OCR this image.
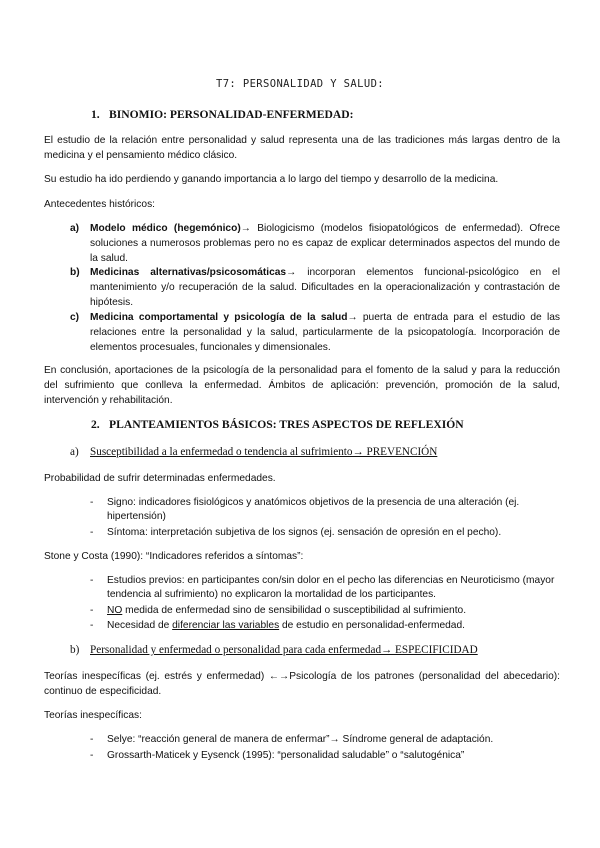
T7: PERSONALIDAD Y SALUD:
1. BINOMIO: PERSONALIDAD-ENFERMEDAD:
El estudio de la relación entre personalidad y salud representa una de las tradiciones más largas dentro de la medicina y el pensamiento médico clásico.
Su estudio ha ido perdiendo y ganando importancia a lo largo del tiempo y desarrollo de la medicina.
Antecedentes históricos:
a) Modelo médico (hegemónico)→ Biologicismo (modelos fisiopatológicos de enfermedad). Ofrece soluciones a numerosos problemas pero no es capaz de explicar determinados aspectos del mundo de la salud.
b) Medicinas alternativas/psicosomáticas→ incorporan elementos funcional-psicológico en el mantenimiento y/o recuperación de la salud. Dificultades en la operacionalización y contrastación de hipótesis.
c) Medicina comportamental y psicología de la salud→ puerta de entrada para el estudio de las relaciones entre la personalidad y la salud, particularmente de la psicopatología. Incorporación de elementos procesuales, funcionales y dimensionales.
En conclusión, aportaciones de la psicología de la personalidad para el fomento de la salud y para la reducción del sufrimiento que conlleva la enfermedad. Ámbitos de aplicación: prevención, promoción de la salud, intervención y rehabilitación.
2. PLANTEAMIENTOS BÁSICOS: TRES ASPECTOS DE REFLEXIÓN
a) Susceptibilidad a la enfermedad o tendencia al sufrimiento→ PREVENCIÓN
Probabilidad de sufrir determinadas enfermedades.
- Signo: indicadores fisiológicos y anatómicos objetivos de la presencia de una alteración (ej. hipertensión)
- Síntoma: interpretación subjetiva de los signos (ej. sensación de opresión en el pecho).
Stone y Costa (1990): “Indicadores referidos a síntomas”:
- Estudios previos: en participantes con/sin dolor en el pecho las diferencias en Neuroticismo (mayor tendencia al sufrimiento) no explicaron la mortalidad de los participantes.
- NO medida de enfermedad sino de sensibilidad o susceptibilidad al sufrimiento.
- Necesidad de diferenciar las variables de estudio en personalidad-enfermedad.
b) Personalidad y enfermedad o personalidad para cada enfermedad→ ESPECIFICIDAD
Teorías inespecíficas (ej. estrés y enfermedad) ←→Psicología de los patrones (personalidad del abecedario): continuo de especificidad.
Teorías inespecíficas:
- Selye: “reacción general de manera de enfermar”→ Síndrome general de adaptación.
- Grossarth-Maticek y Eysenck (1995): “personalidad saludable” o “salutogénica”
